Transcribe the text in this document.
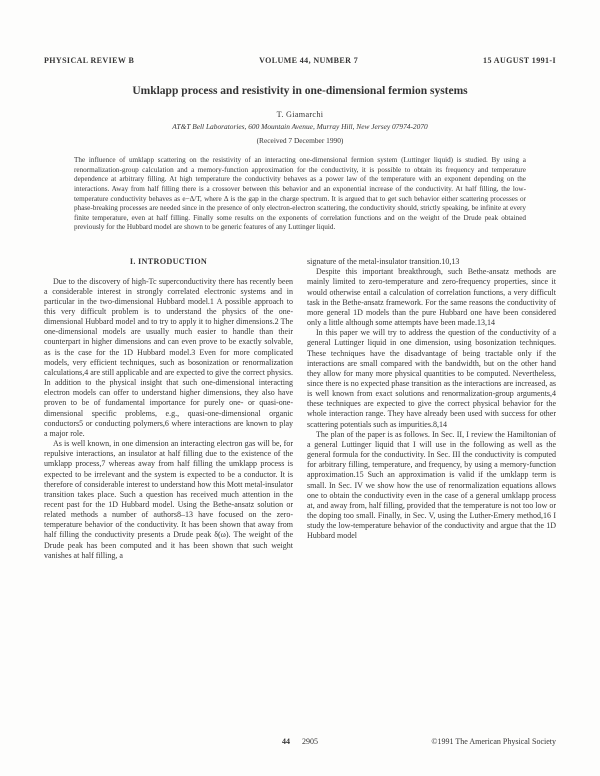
PHYSICAL REVIEW B	VOLUME 44, NUMBER 7	15 AUGUST 1991-I
Umklapp process and resistivity in one-dimensional fermion systems
T. Giamarchi
AT&T Bell Laboratories, 600 Mountain Avenue, Murray Hill, New Jersey 07974-2070
(Received 7 December 1990)
The influence of umklapp scattering on the resistivity of an interacting one-dimensional fermion system (Luttinger liquid) is studied. By using a renormalization-group calculation and a memory-function approximation for the conductivity, it is possible to obtain its frequency and temperature dependence at arbitrary filling. At high temperature the conductivity behaves as a power law of the temperature with an exponent depending on the interactions. Away from half filling there is a crossover between this behavior and an exponential increase of the conductivity. At half filling, the low-temperature conductivity behaves as e−Δ/T, where Δ is the gap in the charge spectrum. It is argued that to get such behavior either scattering processes or phase-breaking processes are needed since in the presence of only electron-electron scattering, the conductivity should, strictly speaking, be infinite at every finite temperature, even at half filling. Finally some results on the exponents of correlation functions and on the weight of the Drude peak obtained previously for the Hubbard model are shown to be generic features of any Luttinger liquid.
I. INTRODUCTION

Due to the discovery of high-Tc superconductivity there has recently been a considerable interest in strongly correlated electronic systems and in particular in the two-dimensional Hubbard model.1 A possible approach to this very difficult problem is to understand the physics of the one-dimensional Hubbard model and to try to apply it to higher dimensions.2 The one-dimensional models are usually much easier to handle than their counterpart in higher dimensions and can even prove to be exactly solvable, as is the case for the 1D Hubbard model.3 Even for more complicated models, very efficient techniques, such as bosonization or renormalization calculations,4 are still applicable and are expected to give the correct physics. In addition to the physical insight that such one-dimensional interacting electron models can offer to understand higher dimensions, they also have proven to be of fundamental importance for purely one- or quasi-one-dimensional specific problems, e.g., quasi-one-dimensional organic conductors5 or conducting polymers,6 where interactions are known to play a major role.

As is well known, in one dimension an interacting electron gas will be, for repulsive interactions, an insulator at half filling due to the existence of the umklapp process,7 whereas away from half filling the umklapp process is expected to be irrelevant and the system is expected to be a conductor. It is therefore of considerable interest to understand how this Mott metal-insulator transition takes place. Such a question has received much attention in the recent past for the 1D Hubbard model. Using the Bethe-ansatz solution or related methods a number of authors8–13 have focused on the zero-temperature behavior of the conductivity. It has been shown that away from half filling the conductivity presents a Drude peak δ(ω). The weight of the Drude peak has been computed and it has been shown that such weight vanishes at half filling, a

signature of the metal-insulator transition.10,13

Despite this important breakthrough, such Bethe-ansatz methods are mainly limited to zero-temperature and zero-frequency properties, since it would otherwise entail a calculation of correlation functions, a very difficult task in the Bethe-ansatz framework. For the same reasons the conductivity of more general 1D models than the pure Hubbard one have been considered only a little although some attempts have been made.13,14

In this paper we will try to address the question of the conductivity of a general Luttinger liquid in one dimension, using bosonization techniques. These techniques have the disadvantage of being tractable only if the interactions are small compared with the bandwidth, but on the other hand they allow for many more physical quantities to be computed. Nevertheless, since there is no expected phase transition as the interactions are increased, as is well known from exact solutions and renormalization-group arguments,4 these techniques are expected to give the correct physical behavior for the whole interaction range. They have already been used with success for other scattering potentials such as impurities.8,14

The plan of the paper is as follows. In Sec. II, I review the Hamiltonian of a general Luttinger liquid that I will use in the following as well as the general formula for the conductivity. In Sec. III the conductivity is computed for arbitrary filling, temperature, and frequency, by using a memory-function approximation.15 Such an approximation is valid if the umklapp term is small. In Sec. IV we show how the use of renormalization equations allows one to obtain the conductivity even in the case of a general umklapp process at, and away from, half filling, provided that the temperature is not too low or the doping too small. Finally, in Sec. V, using the Luther-Emery method,16 I study the low-temperature behavior of the conductivity and argue that the 1D Hubbard model

44 2905	©1991 The American Physical Society
